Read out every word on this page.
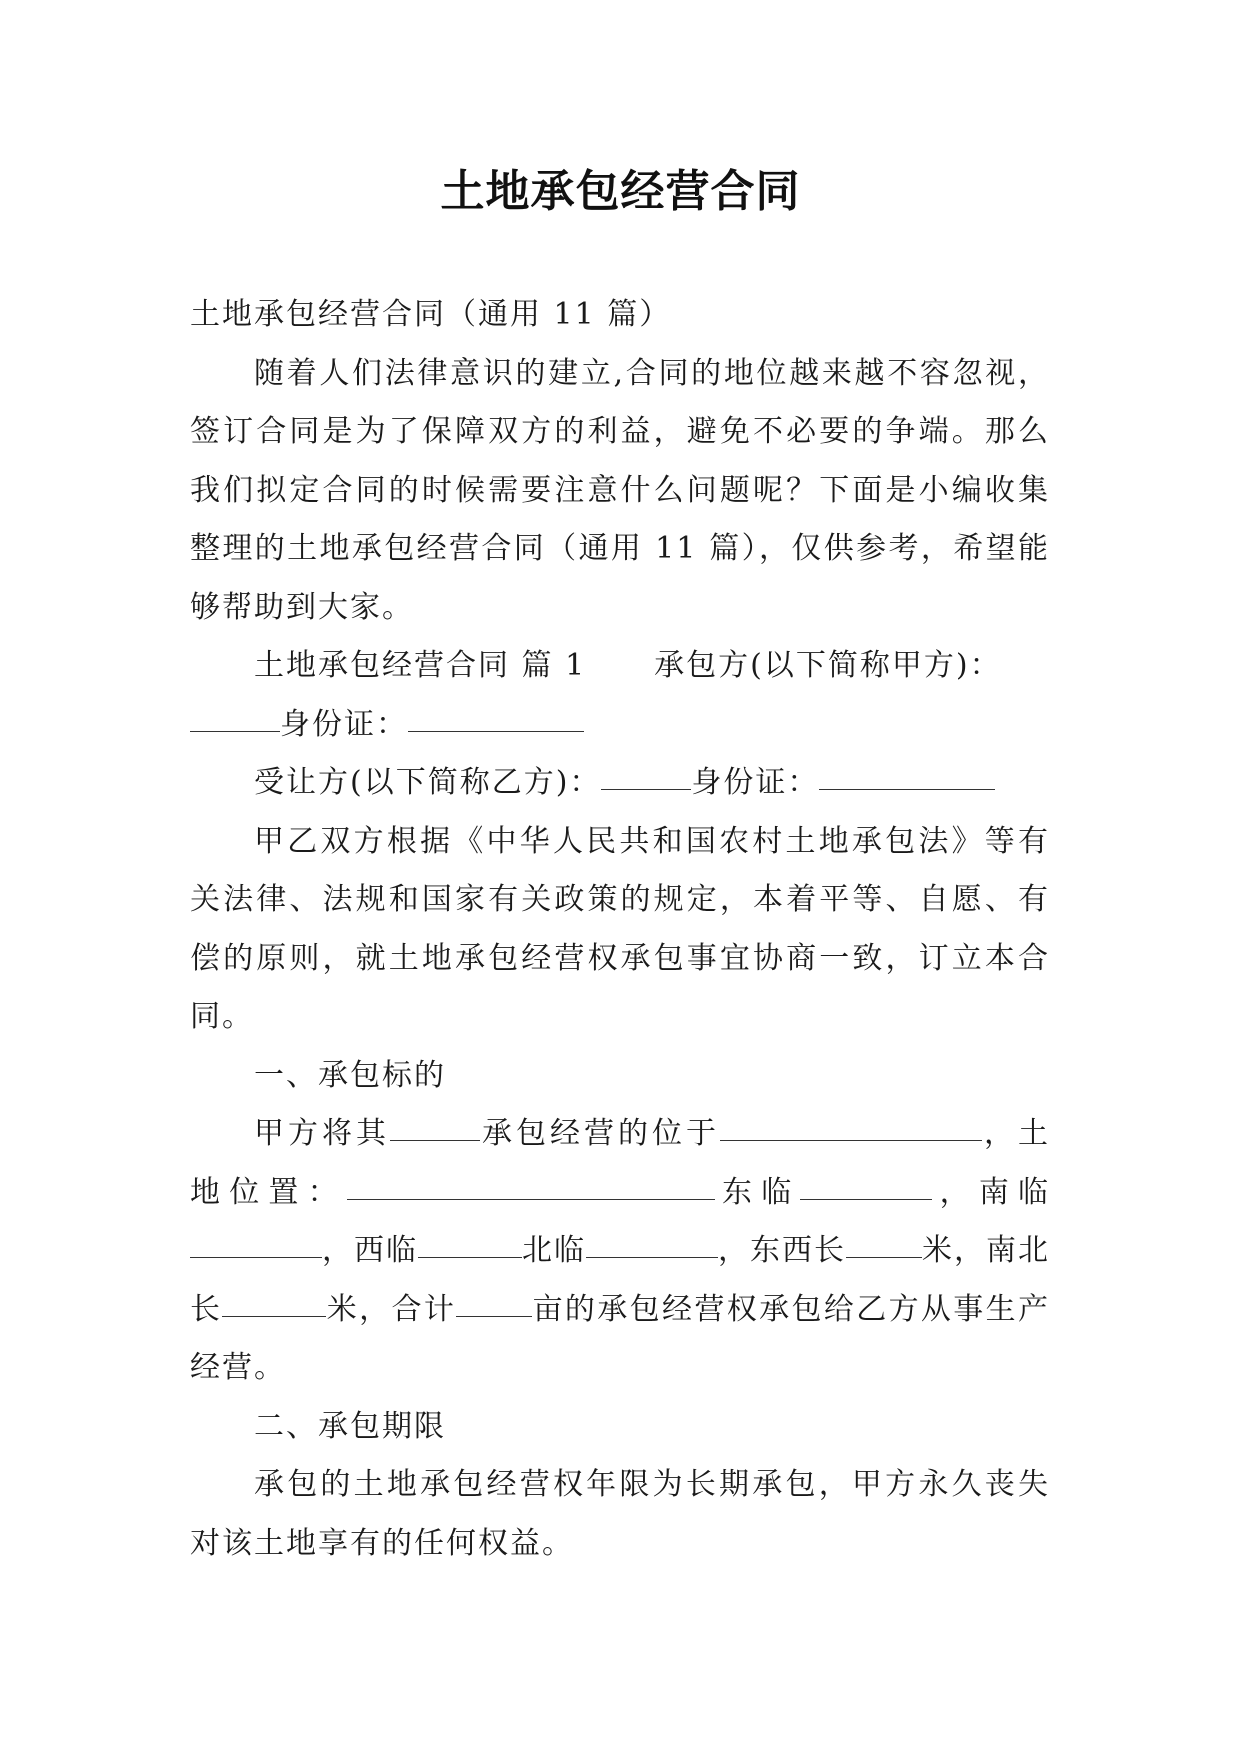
土地承包经营合同

土地承包经营合同（通用 11 篇）

随着人们法律意识的建立,合同的地位越来越不容忽视，签订合同是为了保障双方的利益，避免不必要的争端。那么我们拟定合同的时候需要注意什么问题呢？下面是小编收集整理的土地承包经营合同（通用 11 篇），仅供参考，希望能够帮助到大家。

土地承包经营合同 篇 1 承包方(以下简称甲方)：

身份证：

受让方(以下简称乙方)：	身份证：

甲乙双方根据《中华人民共和国农村土地承包法》等有关法律、法规和国家有关政策的规定，本着平等、自愿、有偿的原则，就土地承包经营权承包事宜协商一致，订立本合同。

一、承包标的

甲方将其	承包经营的位于	，土地位置：	东临	，南临，西临	北临	，东西长	米，南北长	米，合计	亩的承包经营权承包给乙方从事生产经营。

二、承包期限

承包的土地承包经营权年限为长期承包，甲方永久丧失对该土地享有的任何权益。
